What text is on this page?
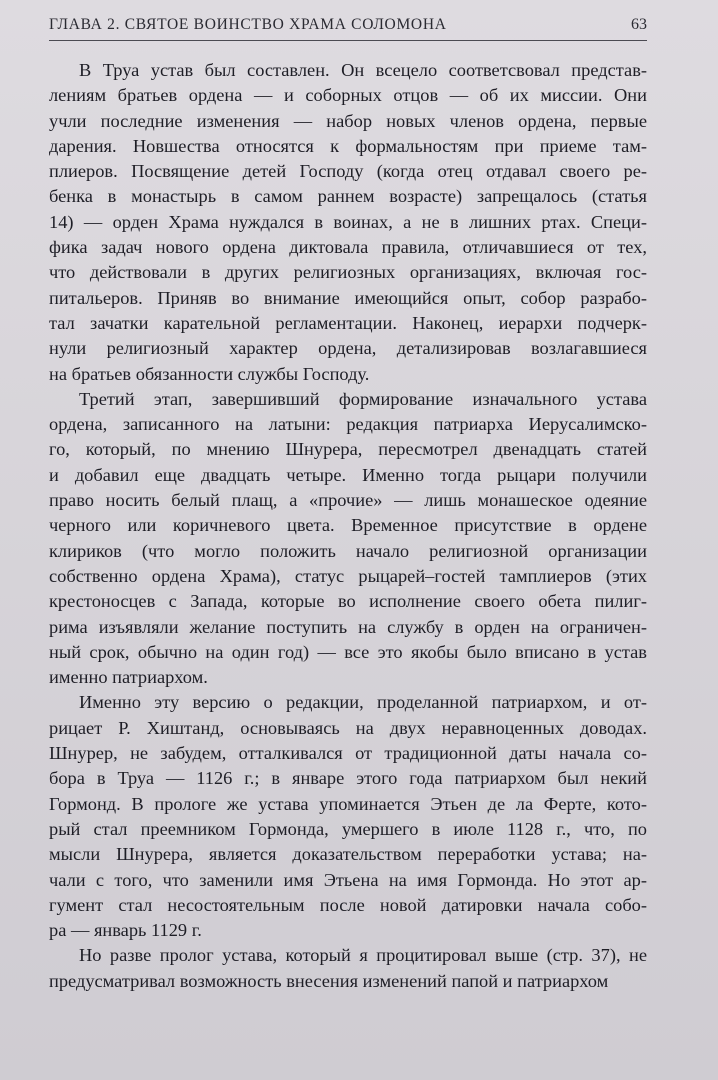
ГЛАВА 2. СВЯТОЕ ВОИНСТВО ХРАМА СОЛОМОНА	63
В Труа устав был составлен. Он всецело соответсвовал представ-
лениям братьев ордена — и соборных отцов — об их миссии. Они
учли последние изменения — набор новых членов ордена, первые
дарения. Новшества относятся к формальностям при приеме там-
плиеров. Посвящение детей Господу (когда отец отдавал своего ре-
бенка в монастырь в самом раннем возрасте) запрещалось (статья
14) — орден Храма нуждался в воинах, а не в лишних ртах. Специ-
фика задач нового ордена диктовала правила, отличавшиеся от тех,
что действовали в других религиозных организациях, включая гос-
питальеров. Приняв во внимание имеющийся опыт, собор разрабо-
тал зачатки карательной регламентации. Наконец, иерархи подчерк-
нули религиозный характер ордена, детализировав возлагавшиеся
на братьев обязанности службы Господу.
Третий этап, завершивший формирование изначального устава
ордена, записанного на латыни: редакция патриарха Иерусалимско-
го, который, по мнению Шнурера, пересмотрел двенадцать статей
и добавил еще двадцать четыре. Именно тогда рыцари получили
право носить белый плащ, а «прочие» — лишь монашеское одеяние
черного или коричневого цвета. Временное присутствие в ордене
клириков (что могло положить начало религиозной организации
собственно ордена Храма), статус рыцарей–гостей тамплиеров (этих
крестоносцев с Запада, которые во исполнение своего обета пилиг-
рима изъявляли желание поступить на службу в орден на ограничен-
ный срок, обычно на один год) — все это якобы было вписано в устав
именно патриархом.
Именно эту версию о редакции, проделанной патриархом, и от-
рицает Р. Хиштанд, основываясь на двух неравноценных доводах.
Шнурер, не забудем, отталкивался от традиционной даты начала со-
бора в Труа — 1126 г.; в январе этого года патриархом был некий
Гормонд. В прологе же устава упоминается Этьен де ла Ферте, кото-
рый стал преемником Гормонда, умершего в июле 1128 г., что, по
мысли Шнурера, является доказательством переработки устава; на-
чали с того, что заменили имя Этьена на имя Гормонда. Но этот ар-
гумент стал несостоятельным после новой датировки начала собо-
ра — январь 1129 г.
Но разве пролог устава, который я процитировал выше (стр. 37), не
предусматривал возможность внесения изменений папой и патриархом
